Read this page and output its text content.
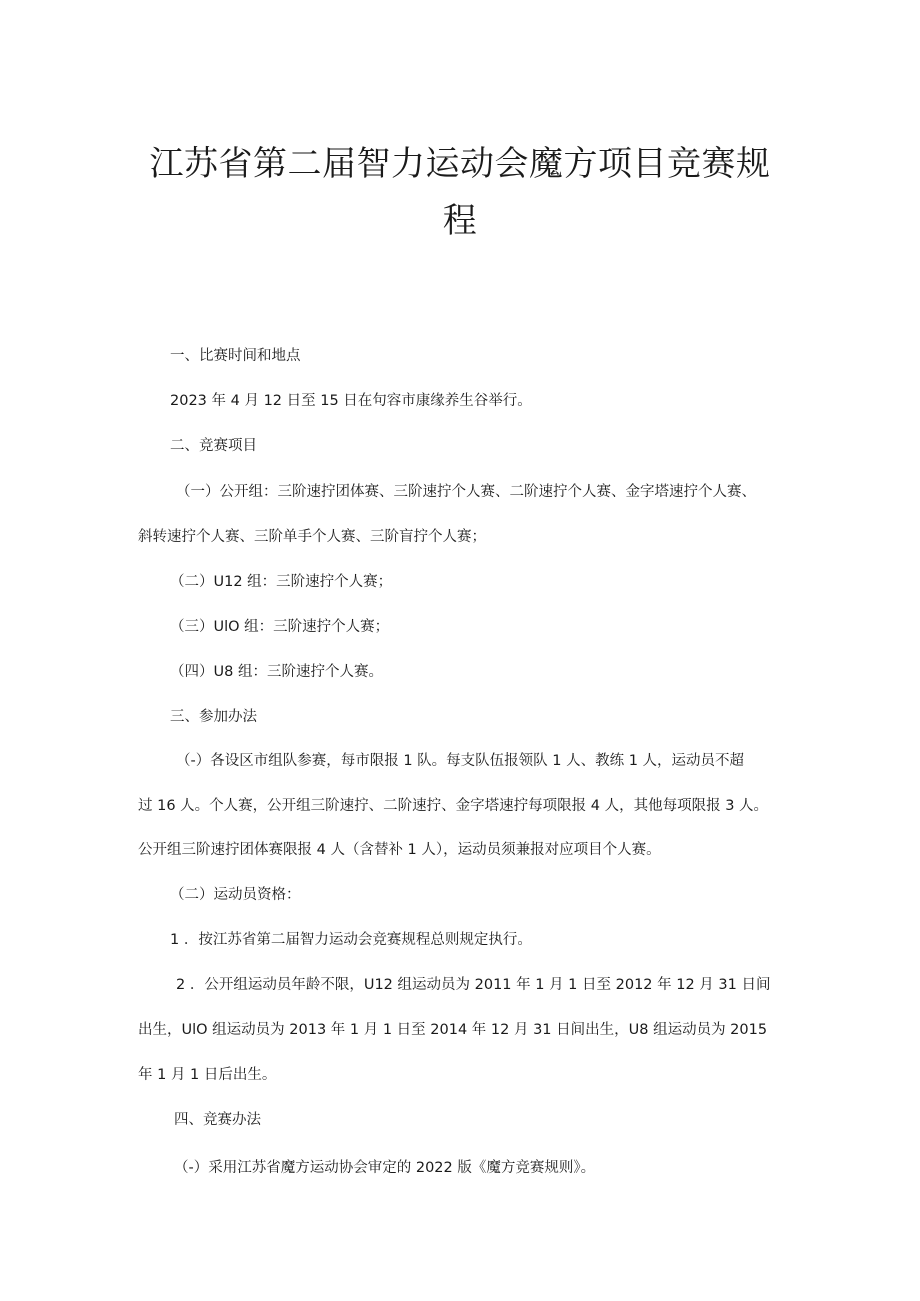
江苏省第二届智力运动会魔方项目竞赛规
程

一、比赛时间和地点

2023 年 4 月 12 日至 15 日在句容市康缘养生谷举行。

二、竞赛项目

（一）公开组：三阶速拧团体赛、三阶速拧个人赛、二阶速拧个人赛、金字塔速拧个人赛、

斜转速拧个人赛、三阶单手个人赛、三阶盲拧个人赛；

（二）U12 组：三阶速拧个人赛；

（三）UlO 组：三阶速拧个人赛；

（四）U8 组：三阶速拧个人赛。

三、参加办法

（-）各设区市组队参赛，每市限报 1 队。每支队伍报领队 1 人、教练 1 人，运动员不超

过 16 人。个人赛，公开组三阶速拧、二阶速拧、金字塔速拧每项限报 4 人，其他每项限报 3 人。

公开组三阶速拧团体赛限报 4 人（含替补 1 人），运动员须兼报对应项目个人赛。

（二）运动员资格：

1 ．按江苏省第二届智力运动会竞赛规程总则规定执行。

2 ．公开组运动员年龄不限，U12 组运动员为 2011 年 1 月 1 日至 2012 年 12 月 31 日间

出生，UlO 组运动员为 2013 年 1 月 1 日至 2014 年 12 月 31 日间出生，U8 组运动员为 2015

年 1 月 1 日后出生。

四、竞赛办法

（-）采用江苏省魔方运动协会审定的 2022 版《魔方竞赛规则》。
